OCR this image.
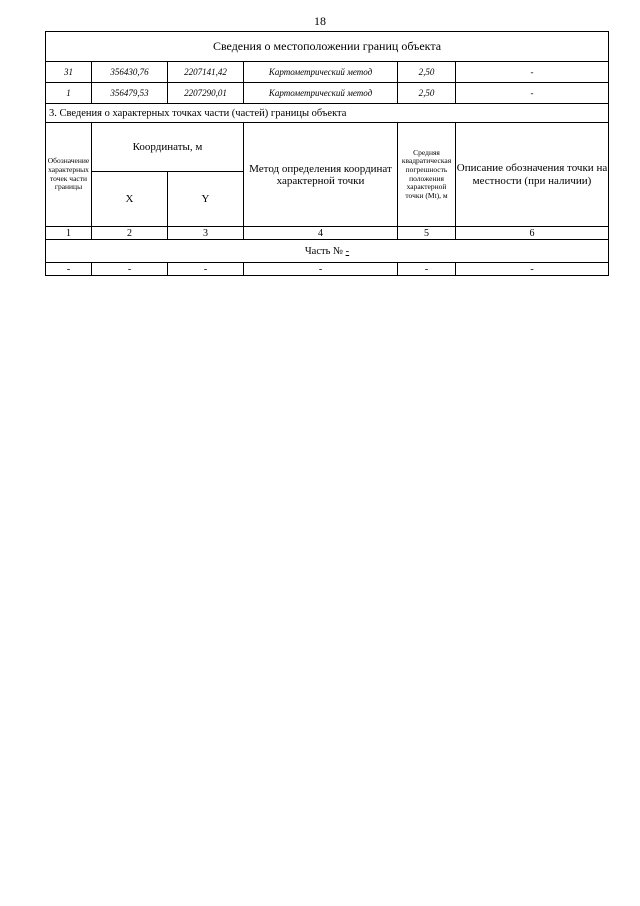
18
Сведения о местоположении границ объекта					
31	356430,76	2207141,42	Картометрический метод	2,50	-
1	356479,53	2207290,01	Картометрический метод	2,50	-
3. Сведения о характерных точках части (частей) границы объекта					
Обозначение характерных точек части границы	Координаты, м		Метод определения координат характерной точки	Средняя квадратическая погрешность положения характерной точки (Mt), м	Описание обозначения точки на местности (при наличии)
	X	Y			
1	2	3	4	5	6
Часть № -					
-	-	-	-	-	-
